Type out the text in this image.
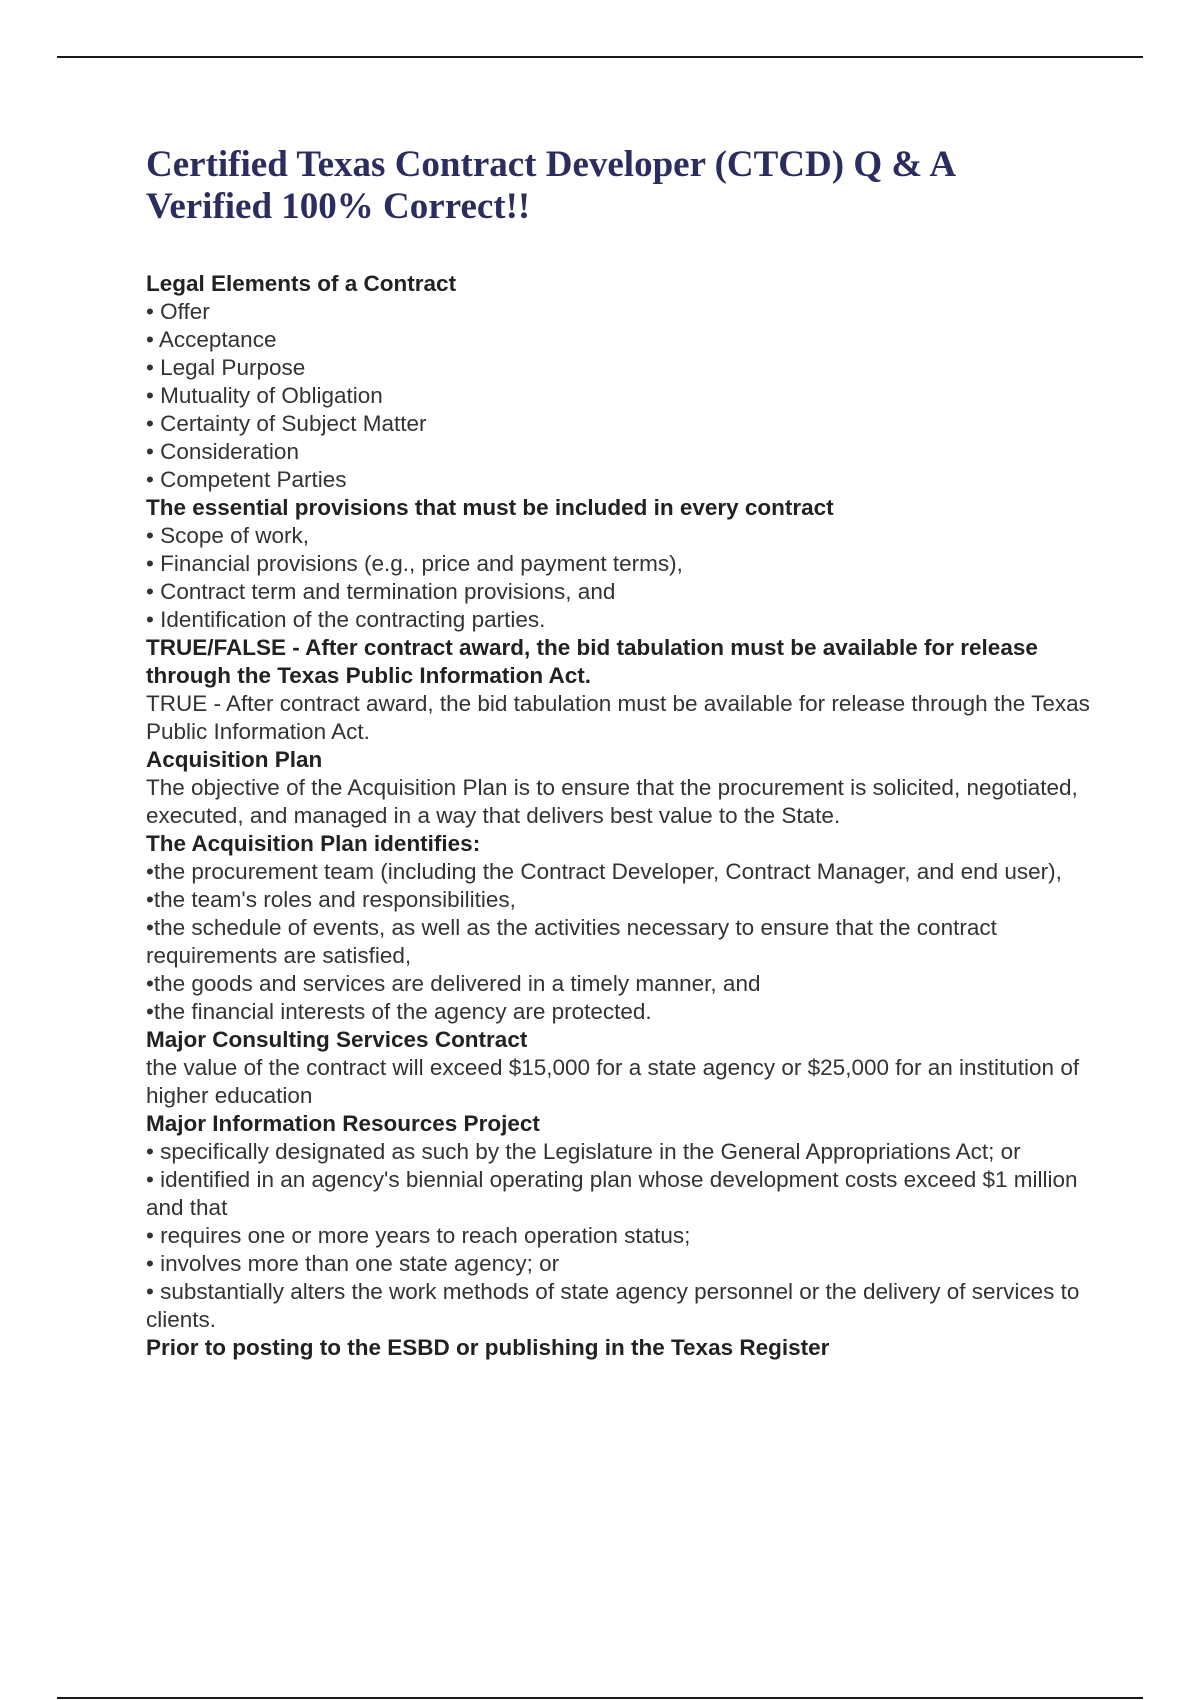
Certified Texas Contract Developer (CTCD) Q & A Verified 100% Correct!!
Legal Elements of a Contract
• Offer
• Acceptance
• Legal Purpose
• Mutuality of Obligation
• Certainty of Subject Matter
• Consideration
• Competent Parties
The essential provisions that must be included in every contract
• Scope of work,
• Financial provisions (e.g., price and payment terms),
• Contract term and termination provisions, and
• Identification of the contracting parties.
TRUE/FALSE - After contract award, the bid tabulation must be available for release through the Texas Public Information Act.
TRUE - After contract award, the bid tabulation must be available for release through the Texas Public Information Act.
Acquisition Plan
The objective of the Acquisition Plan is to ensure that the procurement is solicited, negotiated, executed, and managed in a way that delivers best value to the State.
The Acquisition Plan identifies:
•the procurement team (including the Contract Developer, Contract Manager, and end user),
•the team's roles and responsibilities,
•the schedule of events, as well as the activities necessary to ensure that the contract requirements are satisfied,
•the goods and services are delivered in a timely manner, and
•the financial interests of the agency are protected.
Major Consulting Services Contract
the value of the contract will exceed $15,000 for a state agency or $25,000 for an institution of higher education
Major Information Resources Project
• specifically designated as such by the Legislature in the General Appropriations Act; or
• identified in an agency's biennial operating plan whose development costs exceed $1 million and that
• requires one or more years to reach operation status;
• involves more than one state agency; or
• substantially alters the work methods of state agency personnel or the delivery of services to clients.
Prior to posting to the ESBD or publishing in the Texas Register
